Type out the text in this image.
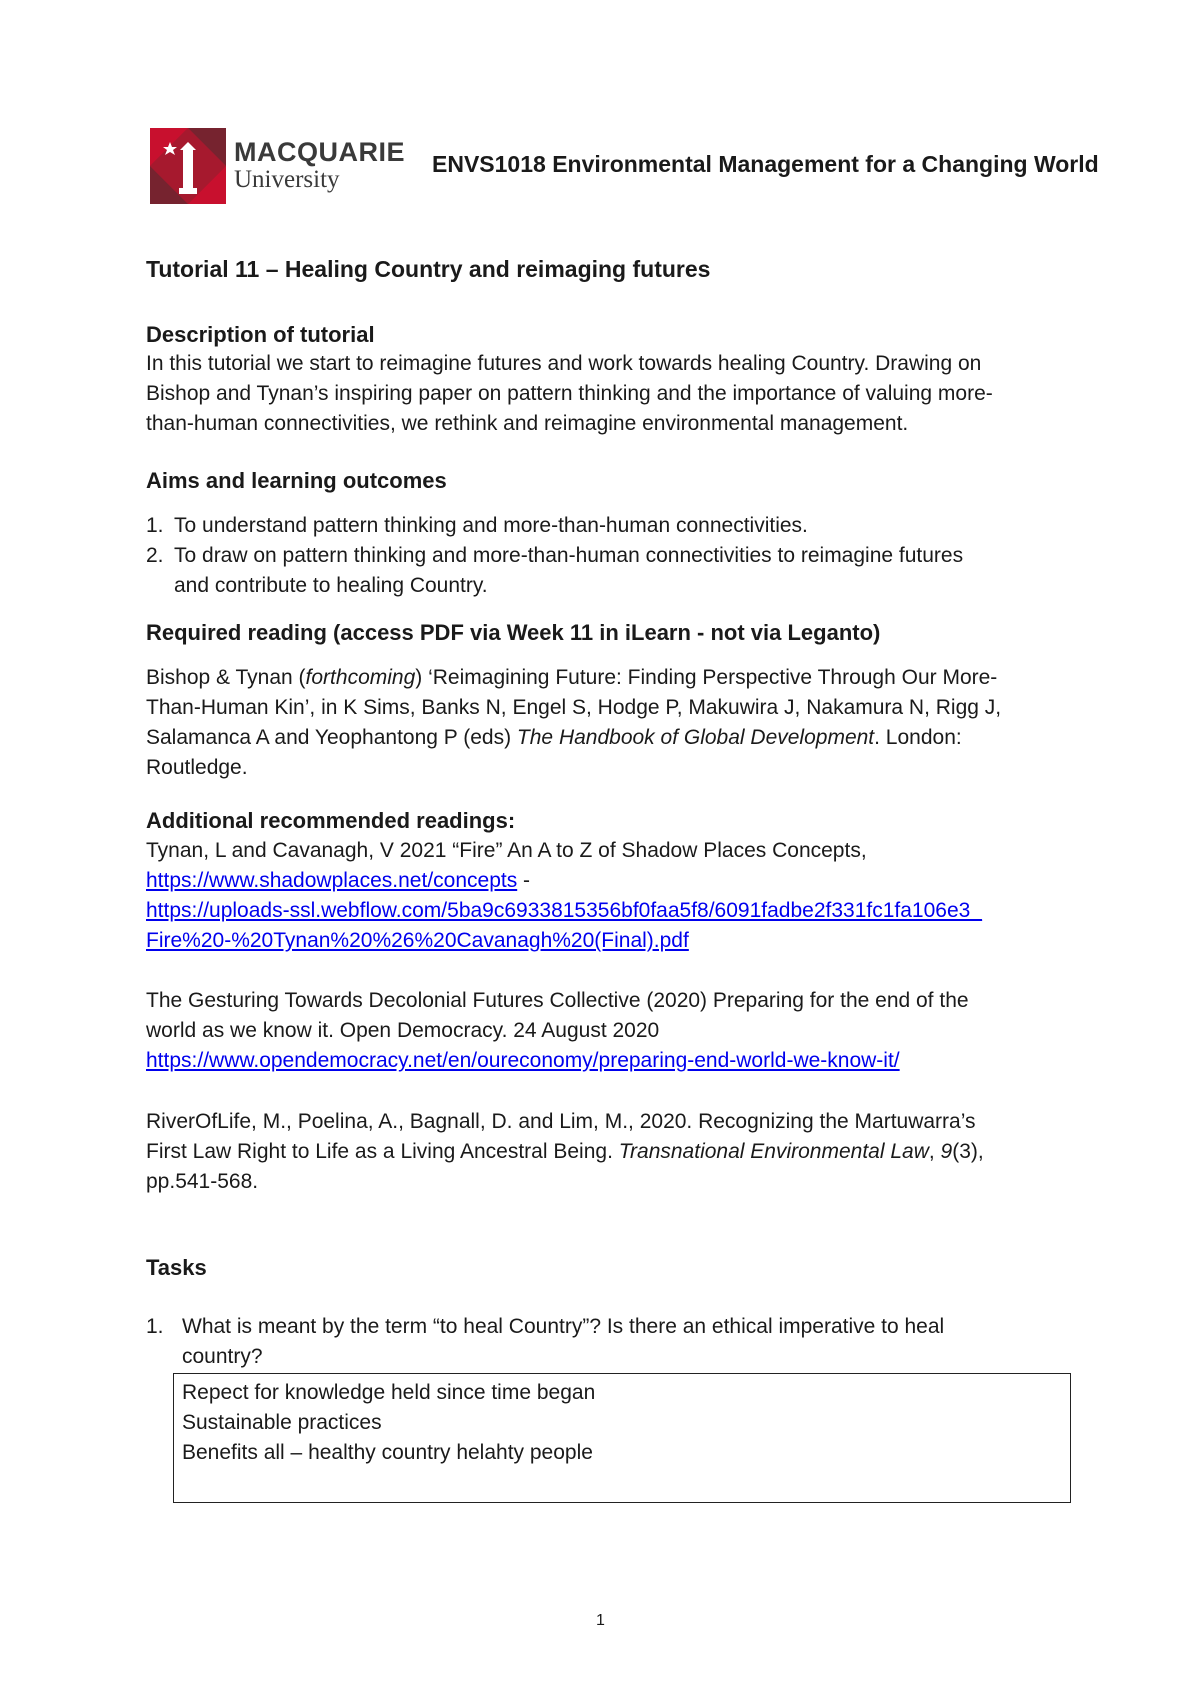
MACQUARIE
University
ENVS1018 Environmental Management for a Changing World
Tutorial 11 – Healing Country and reimaging futures
Description of tutorial
In this tutorial we start to reimagine futures and work towards healing Country. Drawing on
Bishop and Tynan’s inspiring paper on pattern thinking and the importance of valuing more-
than-human connectivities, we rethink and reimagine environmental management.
Aims and learning outcomes
1. To understand pattern thinking and more-than-human connectivities.
2. To draw on pattern thinking and more-than-human connectivities to reimagine futures
and contribute to healing Country.
Required reading (access PDF via Week 11 in iLearn - not via Leganto)
Bishop & Tynan (forthcoming) ‘Reimagining Future: Finding Perspective Through Our More-
Than-Human Kin’, in K Sims, Banks N, Engel S, Hodge P, Makuwira J, Nakamura N, Rigg J,
Salamanca A and Yeophantong P (eds) The Handbook of Global Development. London:
Routledge.
Additional recommended readings:
Tynan, L and Cavanagh, V 2021 “Fire” An A to Z of Shadow Places Concepts,
https://www.shadowplaces.net/concepts -
https://uploads-ssl.webflow.com/5ba9c6933815356bf0faa5f8/6091fadbe2f331fc1fa106e3_
Fire%20-%20Tynan%20%26%20Cavanagh%20(Final).pdf
The Gesturing Towards Decolonial Futures Collective (2020) Preparing for the end of the
world as we know it. Open Democracy. 24 August 2020
https://www.opendemocracy.net/en/oureconomy/preparing-end-world-we-know-it/
RiverOfLife, M., Poelina, A., Bagnall, D. and Lim, M., 2020. Recognizing the Martuwarra’s
First Law Right to Life as a Living Ancestral Being. Transnational Environmental Law, 9(3),
pp.541-568.
Tasks
1. What is meant by the term “to heal Country”? Is there an ethical imperative to heal
country?
Repect for knowledge held since time began
Sustainable practices
Benefits all – healthy country helahty people
1
